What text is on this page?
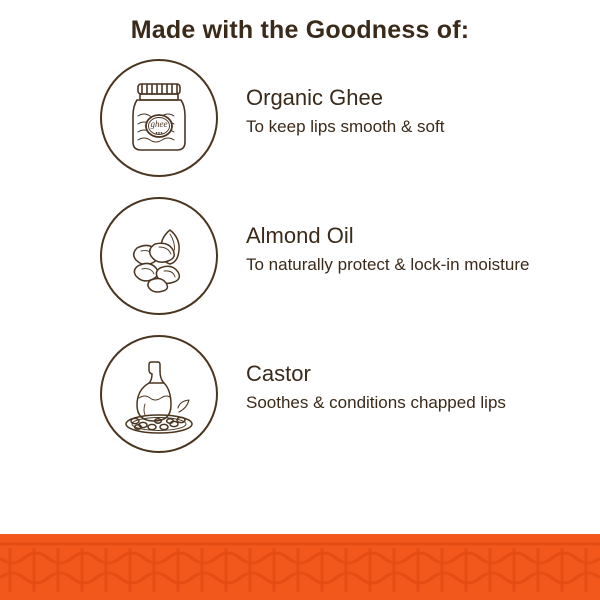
Made with the Goodness of:
ghee
●●●

Organic Ghee

To keep lips smooth & soft

Almond Oil

To naturally protect & lock-in moisture

Castor

Soothes & conditions chapped lips
